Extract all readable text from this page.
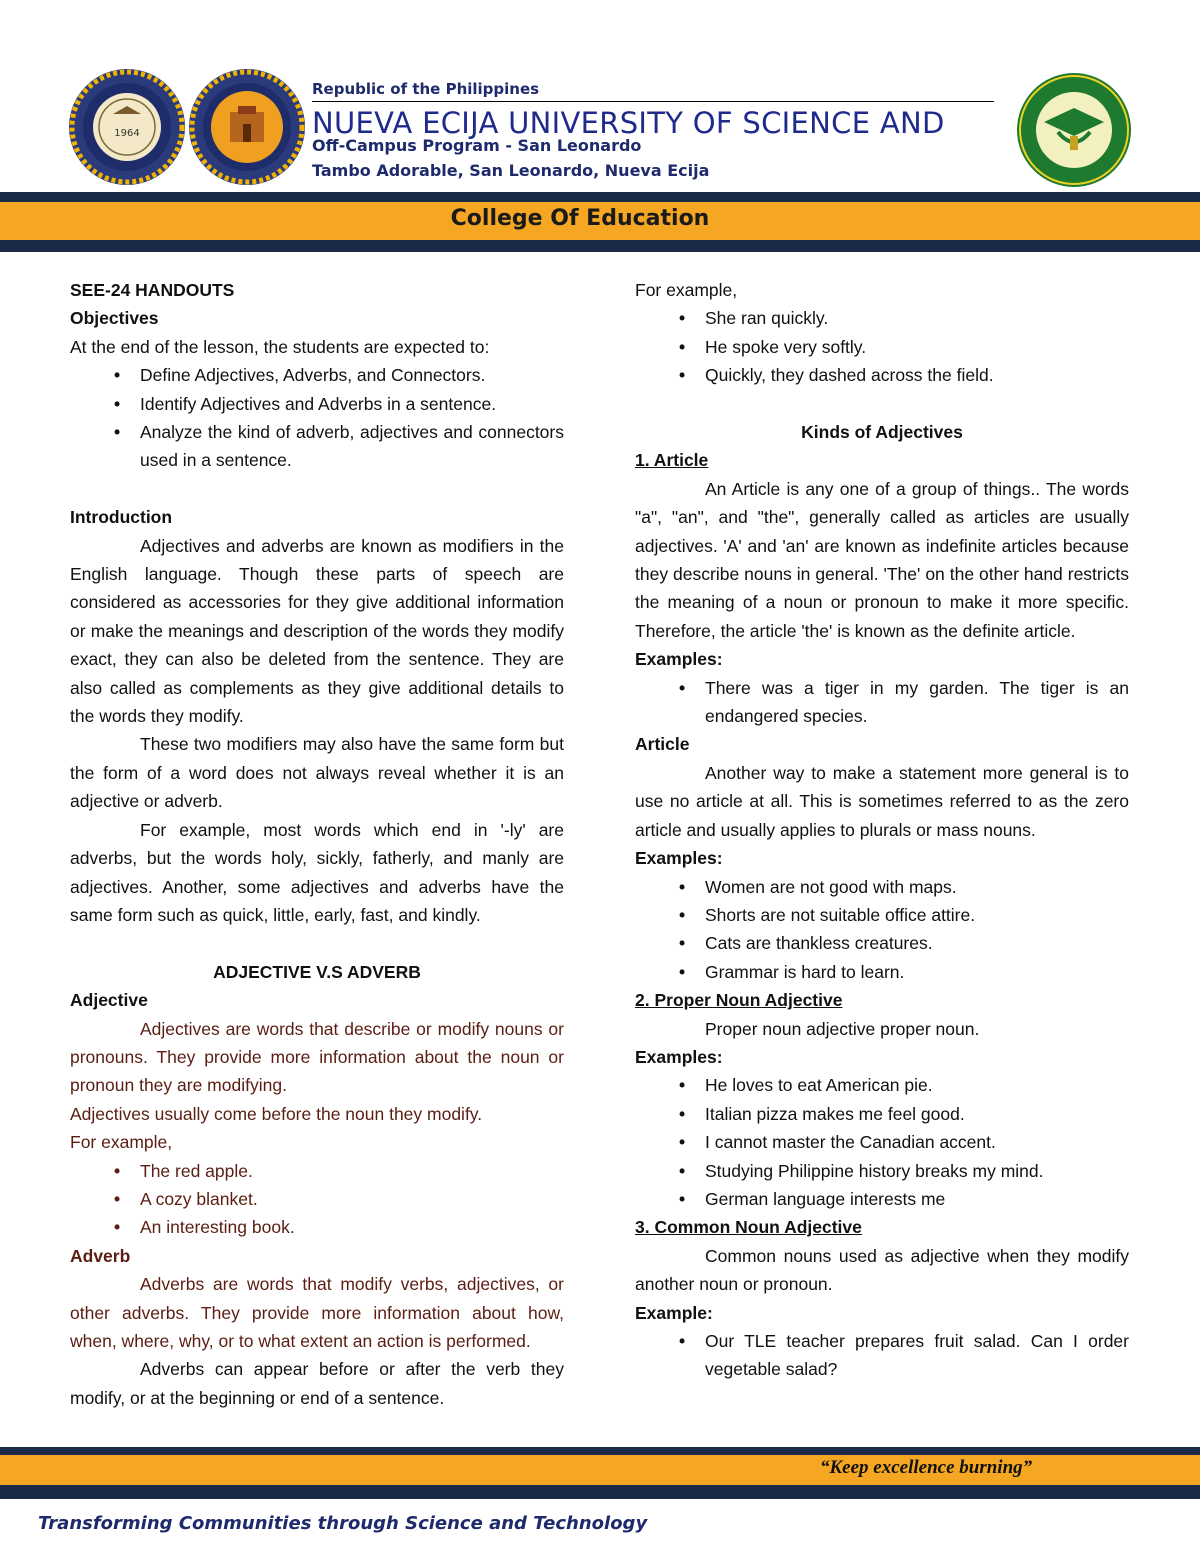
1964
Republic of the Philippines
NUEVA ECIJA UNIVERSITY OF SCIENCE AND
Off-Campus Program - San Leonardo
Tambo Adorable, San Leonardo, Nueva Ecija
College Of Education

SEE-24 HANDOUTS

Objectives

At the end of the lesson, the students are expected to:

• Define Adjectives, Adverbs, and Connectors.
• Identify Adjectives and Adverbs in a sentence.
• Analyze the kind of adverb, adjectives and connectors used in a sentence.

Introduction

Adjectives and adverbs are known as modifiers in the English language. Though these parts of speech are considered as accessories for they give additional information or make the meanings and description of the words they modify exact, they can also be deleted from the sentence. They are also called as complements as they give additional details to the words they modify.

These two modifiers may also have the same form but the form of a word does not always reveal whether it is an adjective or adverb.

For example, most words which end in '-ly' are adverbs, but the words holy, sickly, fatherly, and manly are adjectives. Another, some adjectives and adverbs have the same form such as quick, little, early, fast, and kindly.

ADJECTIVE V.S ADVERB

Adjective

Adjectives are words that describe or modify nouns or pronouns. They provide more information about the noun or pronoun they are modifying.

Adjectives usually come before the noun they modify.

For example,

• The red apple.
• A cozy blanket.
• An interesting book.

Adverb

Adverbs are words that modify verbs, adjectives, or other adverbs. They provide more information about how, when, where, why, or to what extent an action is performed.

Adverbs can appear before or after the verb they modify, or at the beginning or end of a sentence.

For example,

• She ran quickly.
• He spoke very softly.
• Quickly, they dashed across the field.

Kinds of Adjectives

1. Article

An Article is any one of a group of things.. The words "a", "an", and "the", generally called as articles are usually adjectives. 'A' and 'an' are known as indefinite articles because they describe nouns in general. 'The' on the other hand restricts the meaning of a noun or pronoun to make it more specific. Therefore, the article 'the' is known as the definite article.

Examples:

• There was a tiger in my garden. The tiger is an endangered species.

Article

Another way to make a statement more general is to use no article at all. This is sometimes referred to as the zero article and usually applies to plurals or mass nouns.

Examples:

• Women are not good with maps.
• Shorts are not suitable office attire.
• Cats are thankless creatures.
• Grammar is hard to learn.

2. Proper Noun Adjective

Proper noun adjective proper noun.

Examples:

• He loves to eat American pie.
• Italian pizza makes me feel good.
• I cannot master the Canadian accent.
• Studying Philippine history breaks my mind.
• German language interests me

3. Common Noun Adjective

Common nouns used as adjective when they modify another noun or pronoun.

Example:

• Our TLE teacher prepares fruit salad. Can I order vegetable salad?
“Keep excellence burning”
Transforming Communities through Science and Technology
